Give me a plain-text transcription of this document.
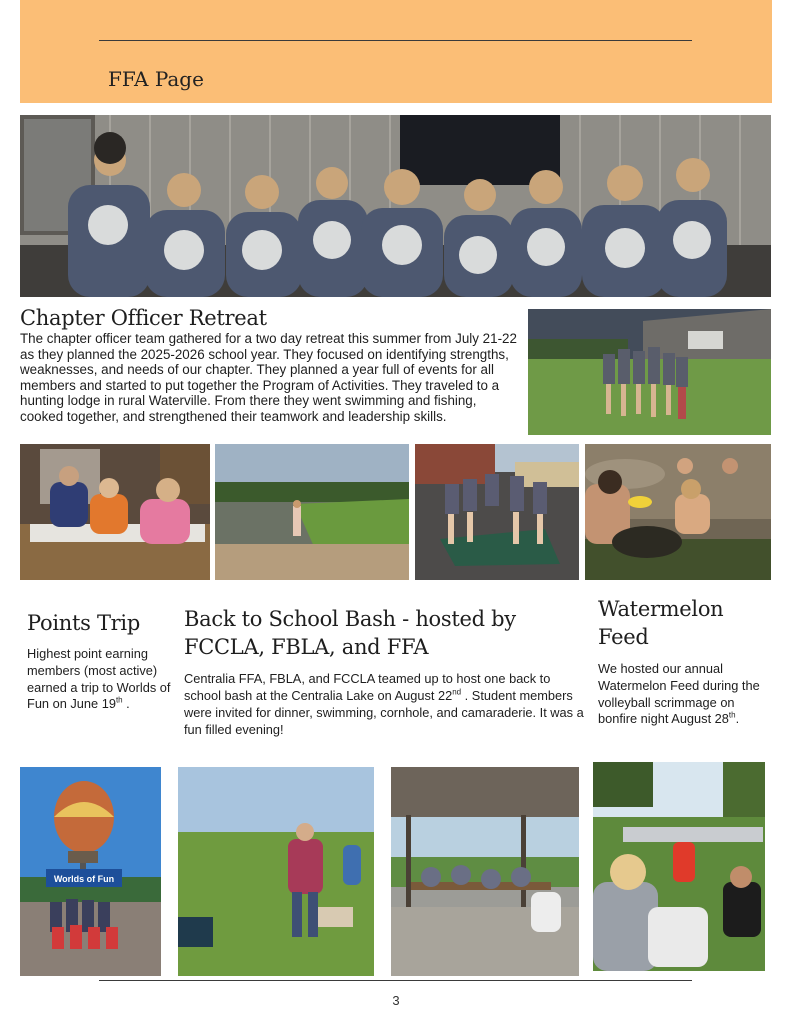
FFA Page
Chapter Officer Retreat
The chapter officer team gathered for a two day retreat this summer from July 21-22 as they planned the 2025-2026 school year. They focused on identifying strengths, weaknesses, and needs of our chapter. They planned a year full of events for all members and started to put together the Program of Activities. They traveled to a hunting lodge in rural Waterville. From there they went swimming and fishing, cooked together, and strengthened their teamwork and leadership skills.
Points Trip
Highest point earning members (most active) earned a trip to Worlds of Fun on June 19th .
Back to School Bash - hosted by FCCLA, FBLA, and FFA
Centralia FFA, FBLA, and FCCLA teamed up to host one back to school bash at the Centralia Lake on August 22nd . Student members were invited for dinner, swimming, cornhole, and camaraderie. It was a fun filled evening!
Watermelon Feed
We hosted our annual Watermelon Feed during the volleyball scrimmage on bonfire night August 28th.
Worlds of Fun
3
